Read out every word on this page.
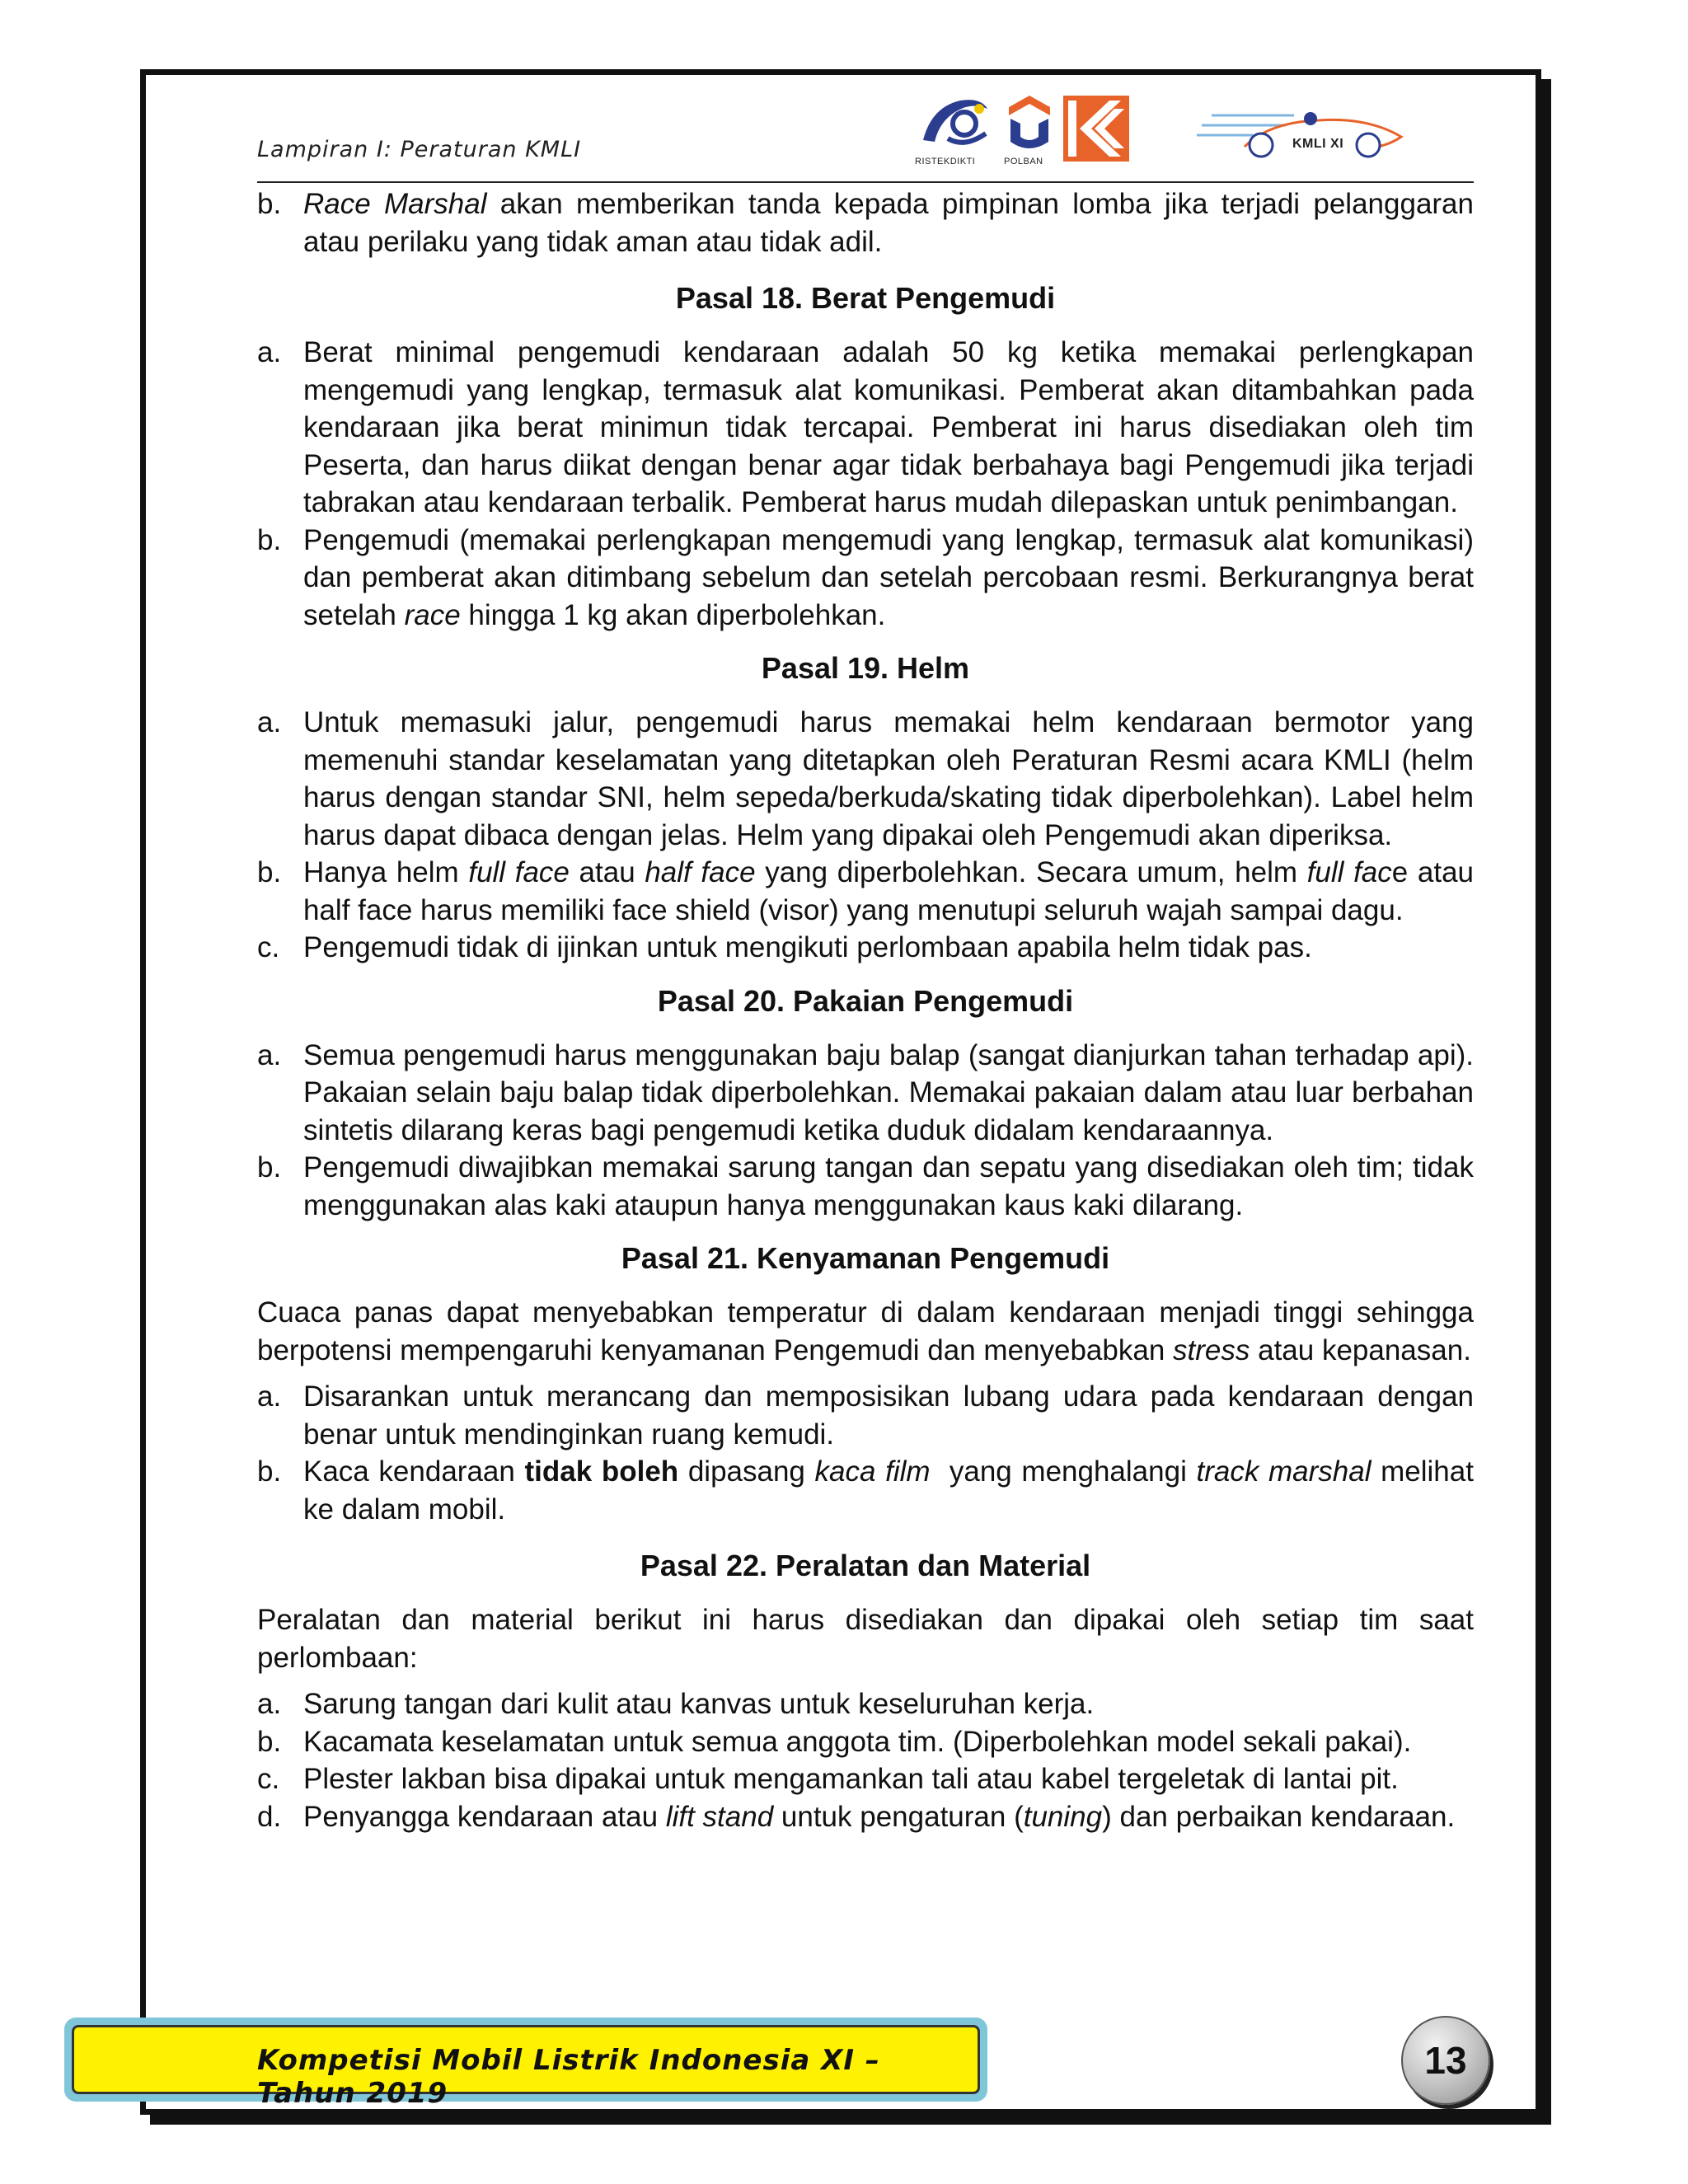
Lampiran I: Peraturan KMLI	RISTEKDIKTI	POLBAN
KMLI XI
b. Race Marshal akan memberikan tanda kepada pimpinan lomba jika terjadi pelanggaran atau perilaku yang tidak aman atau tidak adil.
Pasal 18. Berat Pengemudi
a. Berat minimal pengemudi kendaraan adalah 50 kg ketika memakai perlengkapan mengemudi yang lengkap, termasuk alat komunikasi. Pemberat akan ditambahkan pada kendaraan jika berat minimun tidak tercapai. Pemberat ini harus disediakan oleh tim Peserta, dan harus diikat dengan benar agar tidak berbahaya bagi Pengemudi jika terjadi tabrakan atau kendaraan terbalik. Pemberat harus mudah dilepaskan untuk penimbangan.
b. Pengemudi (memakai perlengkapan mengemudi yang lengkap, termasuk alat komunikasi) dan pemberat akan ditimbang sebelum dan setelah percobaan resmi. Berkurangnya berat setelah race hingga 1 kg akan diperbolehkan.
Pasal 19. Helm
a. Untuk memasuki jalur, pengemudi harus memakai helm kendaraan bermotor yang memenuhi standar keselamatan yang ditetapkan oleh Peraturan Resmi acara KMLI (helm harus dengan standar SNI, helm sepeda/berkuda/skating tidak diperbolehkan). Label helm harus dapat dibaca dengan jelas. Helm yang dipakai oleh Pengemudi akan diperiksa.
b. Hanya helm full face atau half face yang diperbolehkan. Secara umum, helm full face atau half face harus memiliki face shield (visor) yang menutupi seluruh wajah sampai dagu.
c. Pengemudi tidak di ijinkan untuk mengikuti perlombaan apabila helm tidak pas.
Pasal 20. Pakaian Pengemudi
a. Semua pengemudi harus menggunakan baju balap (sangat dianjurkan tahan terhadap api). Pakaian selain baju balap tidak diperbolehkan. Memakai pakaian dalam atau luar berbahan sintetis dilarang keras bagi pengemudi ketika duduk didalam kendaraannya.
b. Pengemudi diwajibkan memakai sarung tangan dan sepatu yang disediakan oleh tim; tidak menggunakan alas kaki ataupun hanya menggunakan kaus kaki dilarang.
Pasal 21. Kenyamanan Pengemudi
Cuaca panas dapat menyebabkan temperatur di dalam kendaraan menjadi tinggi sehingga berpotensi mempengaruhi kenyamanan Pengemudi dan menyebabkan stress atau kepanasan.
a. Disarankan untuk merancang dan memposisikan lubang udara pada kendaraan dengan benar untuk mendinginkan ruang kemudi.
b. Kaca kendaraan tidak boleh dipasang kaca film  yang menghalangi track marshal melihat ke dalam mobil.
Pasal 22. Peralatan dan Material
Peralatan dan material berikut ini harus disediakan dan dipakai oleh setiap tim saat perlombaan:
a. Sarung tangan dari kulit atau kanvas untuk keseluruhan kerja.
b. Kacamata keselamatan untuk semua anggota tim. (Diperbolehkan model sekali pakai).
c. Plester lakban bisa dipakai untuk mengamankan tali atau kabel tergeletak di lantai pit.
d. Penyangga kendaraan atau lift stand untuk pengaturan (tuning) dan perbaikan kendaraan.
Kompetisi Mobil Listrik Indonesia XI – Tahun 2019
13
